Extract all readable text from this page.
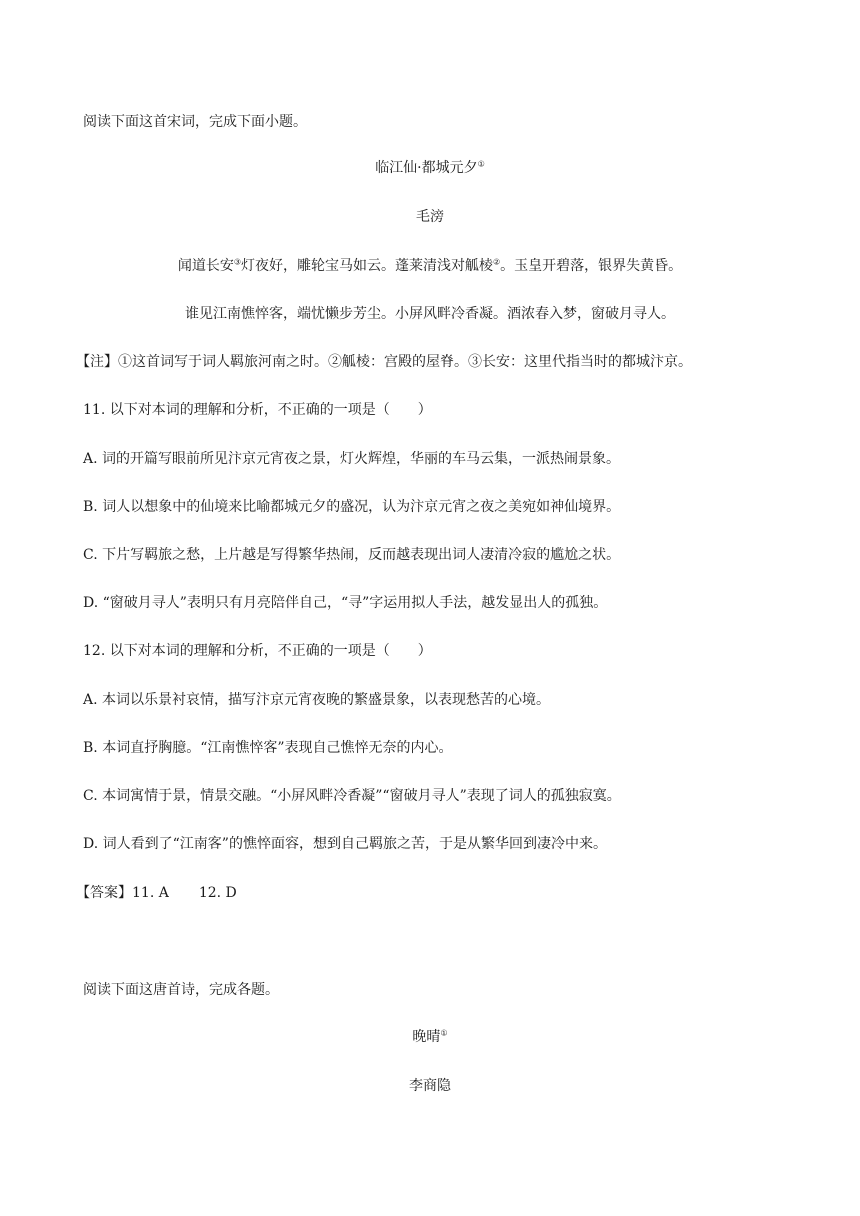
阅读下面这首宋词，完成下面小题。
临江仙·都城元夕①
毛滂
闻道长安③灯夜好，雕轮宝马如云。蓬莱清浅对觚棱②。玉皇开碧落，银界失黄昏。
谁见江南憔悴客，端忧懒步芳尘。小屏风畔冷香凝。酒浓春入梦，窗破月寻人。
【注】①这首词写于词人羁旅河南之时。②觚棱：宫殿的屋脊。③长安：这里代指当时的都城汴京。
11. 以下对本词的理解和分析，不正确的一项是（　　）
A. 词的开篇写眼前所见汴京元宵夜之景，灯火辉煌，华丽的车马云集，一派热闹景象。
B. 词人以想象中的仙境来比喻都城元夕的盛况，认为汴京元宵之夜之美宛如神仙境界。
C. 下片写羁旅之愁，上片越是写得繁华热闹，反而越表现出词人凄清冷寂的尴尬之状。
D. “窗破月寻人”表明只有月亮陪伴自己，“寻”字运用拟人手法，越发显出人的孤独。
12. 以下对本词的理解和分析，不正确的一项是（　　）
A. 本词以乐景衬哀情，描写汴京元宵夜晚的繁盛景象，以表现愁苦的心境。
B. 本词直抒胸臆。“江南憔悴客”表现自己憔悴无奈的内心。
C. 本词寓情于景，情景交融。“小屏风畔冷香凝”“窗破月寻人”表现了词人的孤独寂寞。
D. 词人看到了“江南客”的憔悴面容，想到自己羁旅之苦，于是从繁华回到凄冷中来。
【答案】11. A 12. D
阅读下面这唐首诗，完成各题。
晚晴①
李商隐
